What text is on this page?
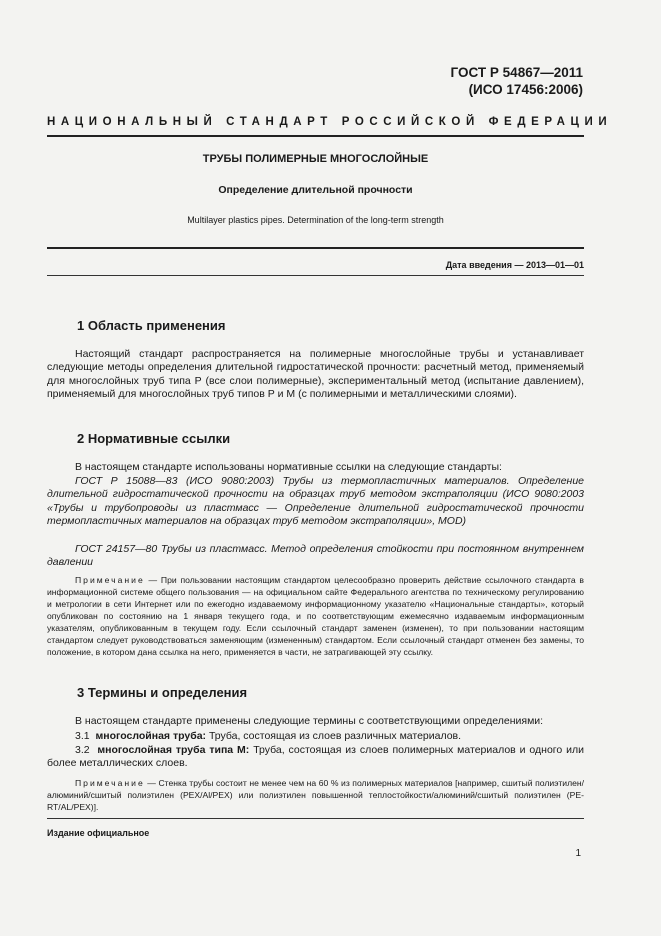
ГОСТ Р 54867—2011
(ИСО 17456:2006)
НАЦИОНАЛЬНЫЙ СТАНДАРТ РОССИЙСКОЙ ФЕДЕРАЦИИ
ТРУБЫ ПОЛИМЕРНЫЕ МНОГОСЛОЙНЫЕ
Определение длительной прочности
Multilayer plastics pipes. Determination of the long-term strength
Дата введения — 2013—01—01
1 Область применения
Настоящий стандарт распространяется на полимерные многослойные трубы и устанавливает следующие методы определения длительной гидростатической прочности: расчетный метод, применяемый для многослойных труб типа Р (все слои полимерные), экспериментальный метод (испытание давлением), применяемый для многослойных труб типов Р и М (с полимерными и металлическими слоями).
2 Нормативные ссылки
В настоящем стандарте использованы нормативные ссылки на следующие стандарты:
ГОСТ Р 15088—83 (ИСО 9080:2003) Трубы из термопластичных материалов. Определение длительной гидростатической прочности на образцах труб методом экстраполяции (ИСО 9080:2003 «Трубы и трубопроводы из пластмасс — Определение длительной гидростатической прочности термопластичных материалов на образцах труб методом экстраполяции», MOD)
ГОСТ 24157—80 Трубы из пластмасс. Метод определения стойкости при постоянном внутреннем давлении
Примечание — При пользовании настоящим стандартом целесообразно проверить действие ссылочного стандарта в информационной системе общего пользования — на официальном сайте Федерального агентства по техническому регулированию и метрологии в сети Интернет или по ежегодно издаваемому информационному указателю «Национальные стандарты», который опубликован по состоянию на 1 января текущего года, и по соответствующим ежемесячно издаваемым информационным указателям, опубликованным в текущем году. Если ссылочный стандарт заменен (изменен), то при пользовании настоящим стандартом следует руководствоваться заменяющим (измененным) стандартом. Если ссылочный стандарт отменен без замены, то положение, в котором дана ссылка на него, применяется в части, не затрагивающей эту ссылку.
3 Термины и определения
В настоящем стандарте применены следующие термины с соответствующими определениями:
3.1 многослойная труба: Труба, состоящая из слоев различных материалов.
3.2 многослойная труба типа М: Труба, состоящая из слоев полимерных материалов и одного или более металлических слоев.
Примечание — Стенка трубы состоит не менее чем на 60 % из полимерных материалов [например, сшитый полиэтилен/алюминий/сшитый полиэтилен (PEX/Al/PEX) или полиэтилен повышенной теплостойкости/алюминий/сшитый полиэтилен (PE-RT/AL/PEX)].
Издание официальное
1
